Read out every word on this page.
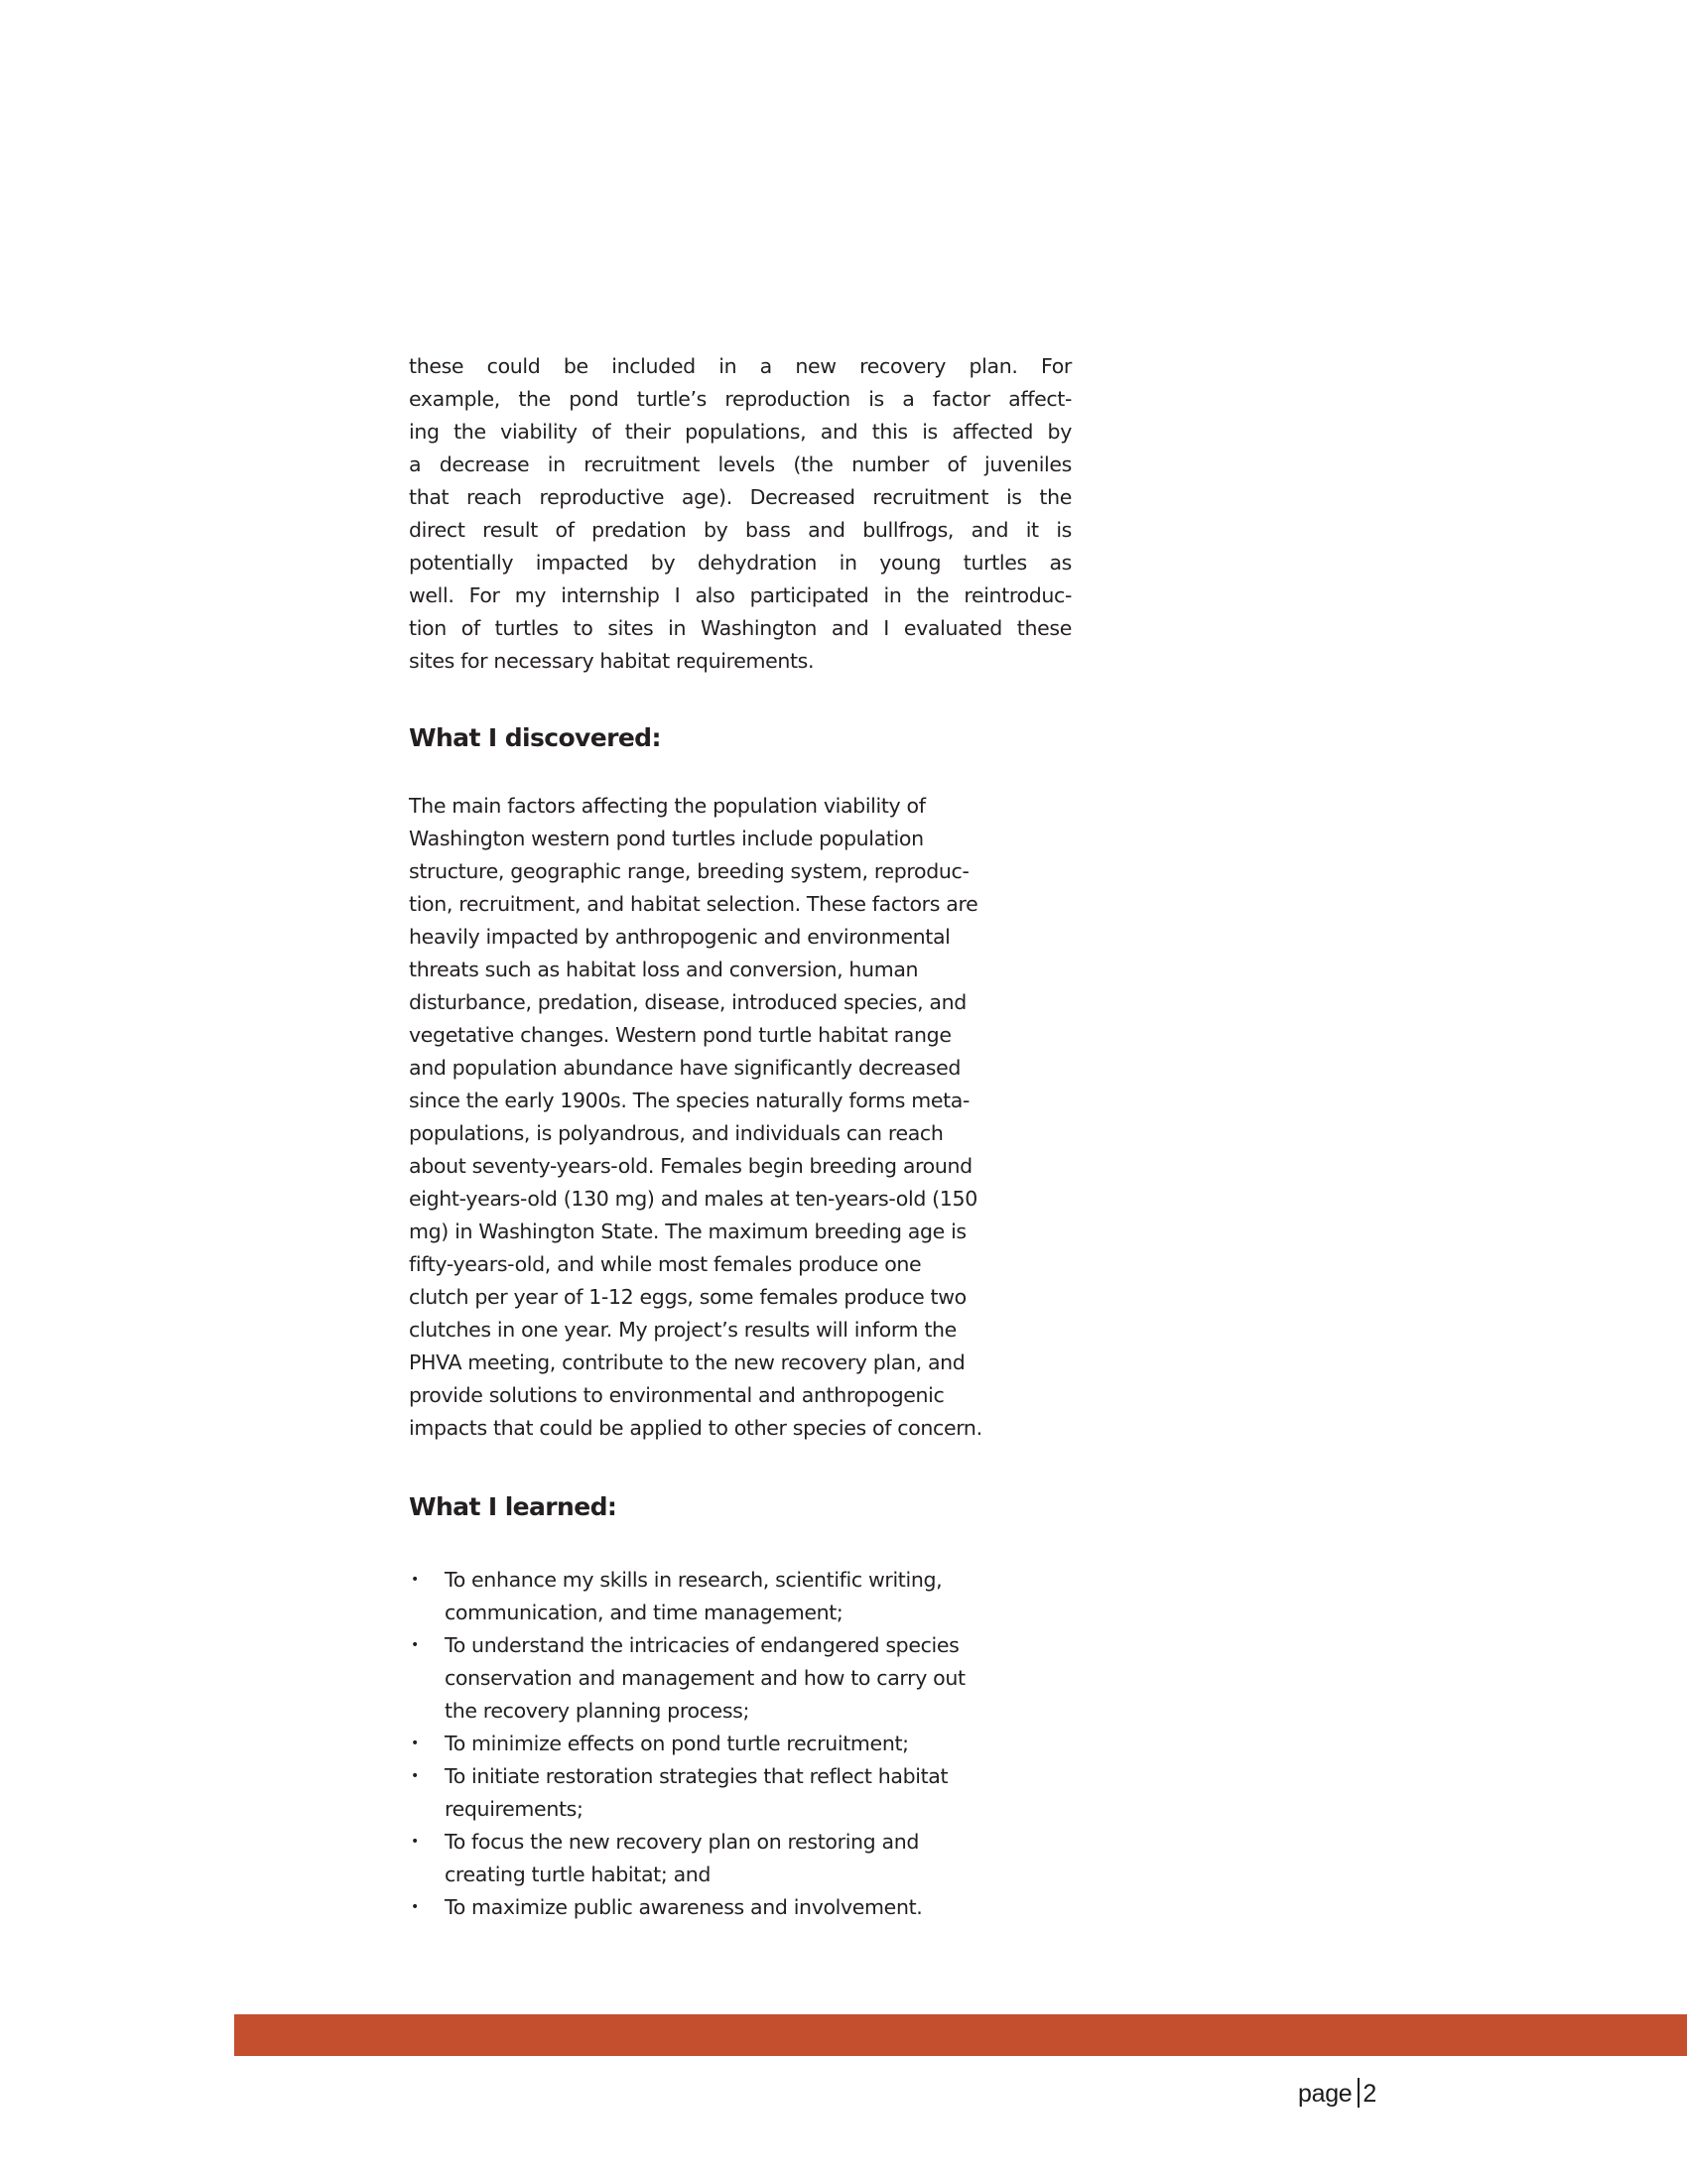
these could be included in a new recovery plan. For
example, the pond turtle’s reproduction is a factor affect-
ing the viability of their populations, and this is affected by
a decrease in recruitment levels (the number of juveniles
that reach reproductive age). Decreased recruitment is the
direct result of predation by bass and bullfrogs, and it is
potentially impacted by dehydration in young turtles as
well. For my internship I also participated in the reintroduc-
tion of turtles to sites in Washington and I evaluated these
sites for necessary habitat requirements.
What I discovered:
The main factors affecting the population viability of
Washington western pond turtles include population
structure, geographic range, breeding system, reproduc-
tion, recruitment, and habitat selection. These factors are
heavily impacted by anthropogenic and environmental
threats such as habitat loss and conversion, human
disturbance, predation, disease, introduced species, and
vegetative changes. Western pond turtle habitat range
and population abundance have significantly decreased
since the early 1900s. The species naturally forms meta-
populations, is polyandrous, and individuals can reach
about seventy-years-old. Females begin breeding around
eight-years-old (130 mg) and males at ten-years-old (150
mg) in Washington State. The maximum breeding age is
fifty-years-old, and while most females produce one
clutch per year of 1-12 eggs, some females produce two
clutches in one year. My project’s results will inform the
PHVA meeting, contribute to the new recovery plan, and
provide solutions to environmental and anthropogenic
impacts that could be applied to other species of concern.
What I learned:
• To enhance my skills in research, scientific writing,
communication, and time management;
• To understand the intricacies of endangered species
conservation and management and how to carry out
the recovery planning process;
• To minimize effects on pond turtle recruitment;
• To initiate restoration strategies that reflect habitat
requirements;
• To focus the new recovery plan on restoring and
creating turtle habitat; and
• To maximize public awareness and involvement.
page 2
